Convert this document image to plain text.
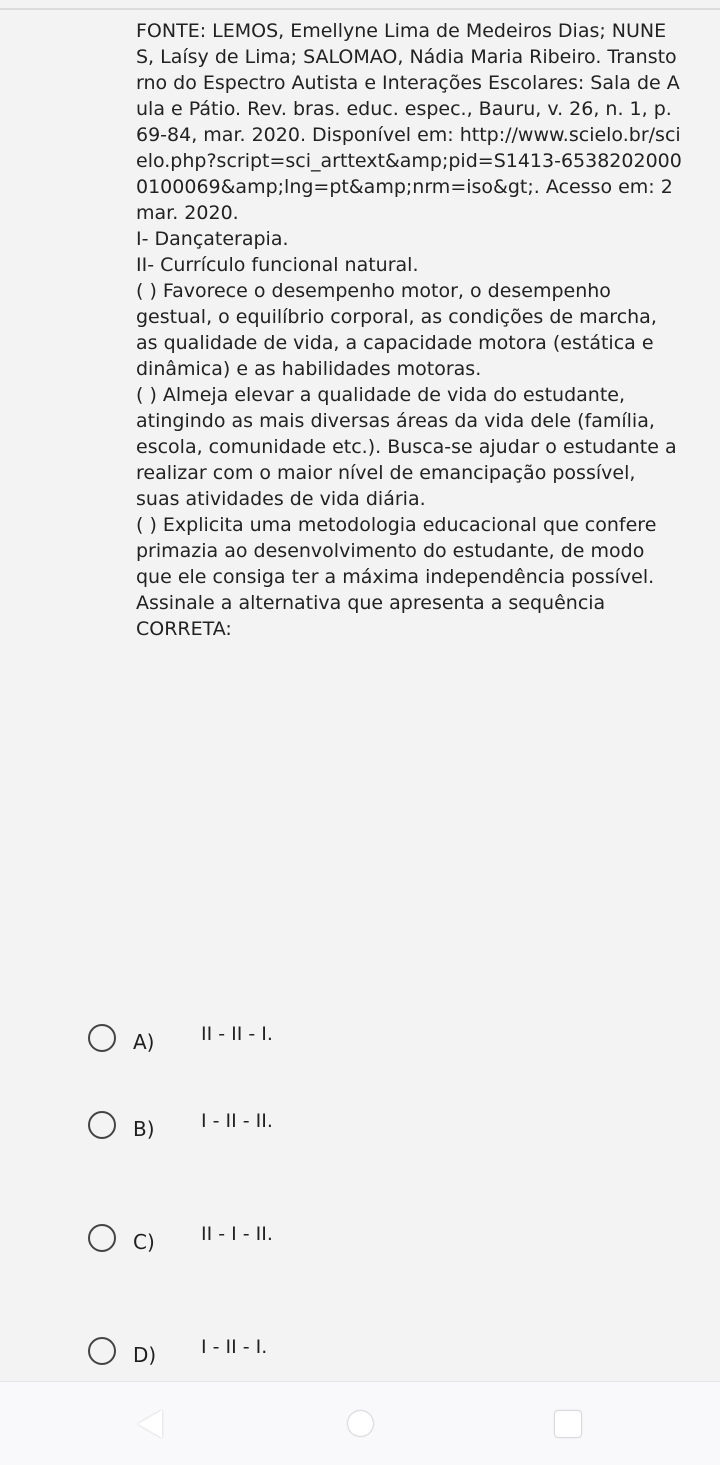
FONTE: LEMOS, Emellyne Lima de Medeiros Dias; NUNES, Laísy de Lima; SALOMAO, Nádia Maria Ribeiro. Transtorno do Espectro Autista e Interações Escolares: Sala de Aula e Pátio. Rev. bras. educ. espec., Bauru, v. 26, n. 1, p. 69-84, mar. 2020. Disponível em: http://www.scielo.br/scielo.php?script=sci_arttext&amp;pid=S1413-65382020000100069&amp;lng=pt&amp;nrm=iso&gt;. Acesso em: 2 mar. 2020.

I- Dançaterapia.

II- Currículo funcional natural.

( ) Favorece o desempenho motor, o desempenho gestual, o equilíbrio corporal, as condições de marcha, as qualidade de vida, a capacidade motora (estática e dinâmica) e as habilidades motoras.

( ) Almeja elevar a qualidade de vida do estudante, atingindo as mais diversas áreas da vida dele (família, escola, comunidade etc.). Busca-se ajudar o estudante a realizar com o maior nível de emancipação possível, suas atividades de vida diária.

( ) Explicita uma metodologia educacional que confere primazia ao desenvolvimento do estudante, de modo que ele consiga ter a máxima independência possível.

Assinale a alternativa que apresenta a sequência CORRETA:

A) II - II - I.
B) I - II - II.
C) II - I - II.
D) I - II - I.
